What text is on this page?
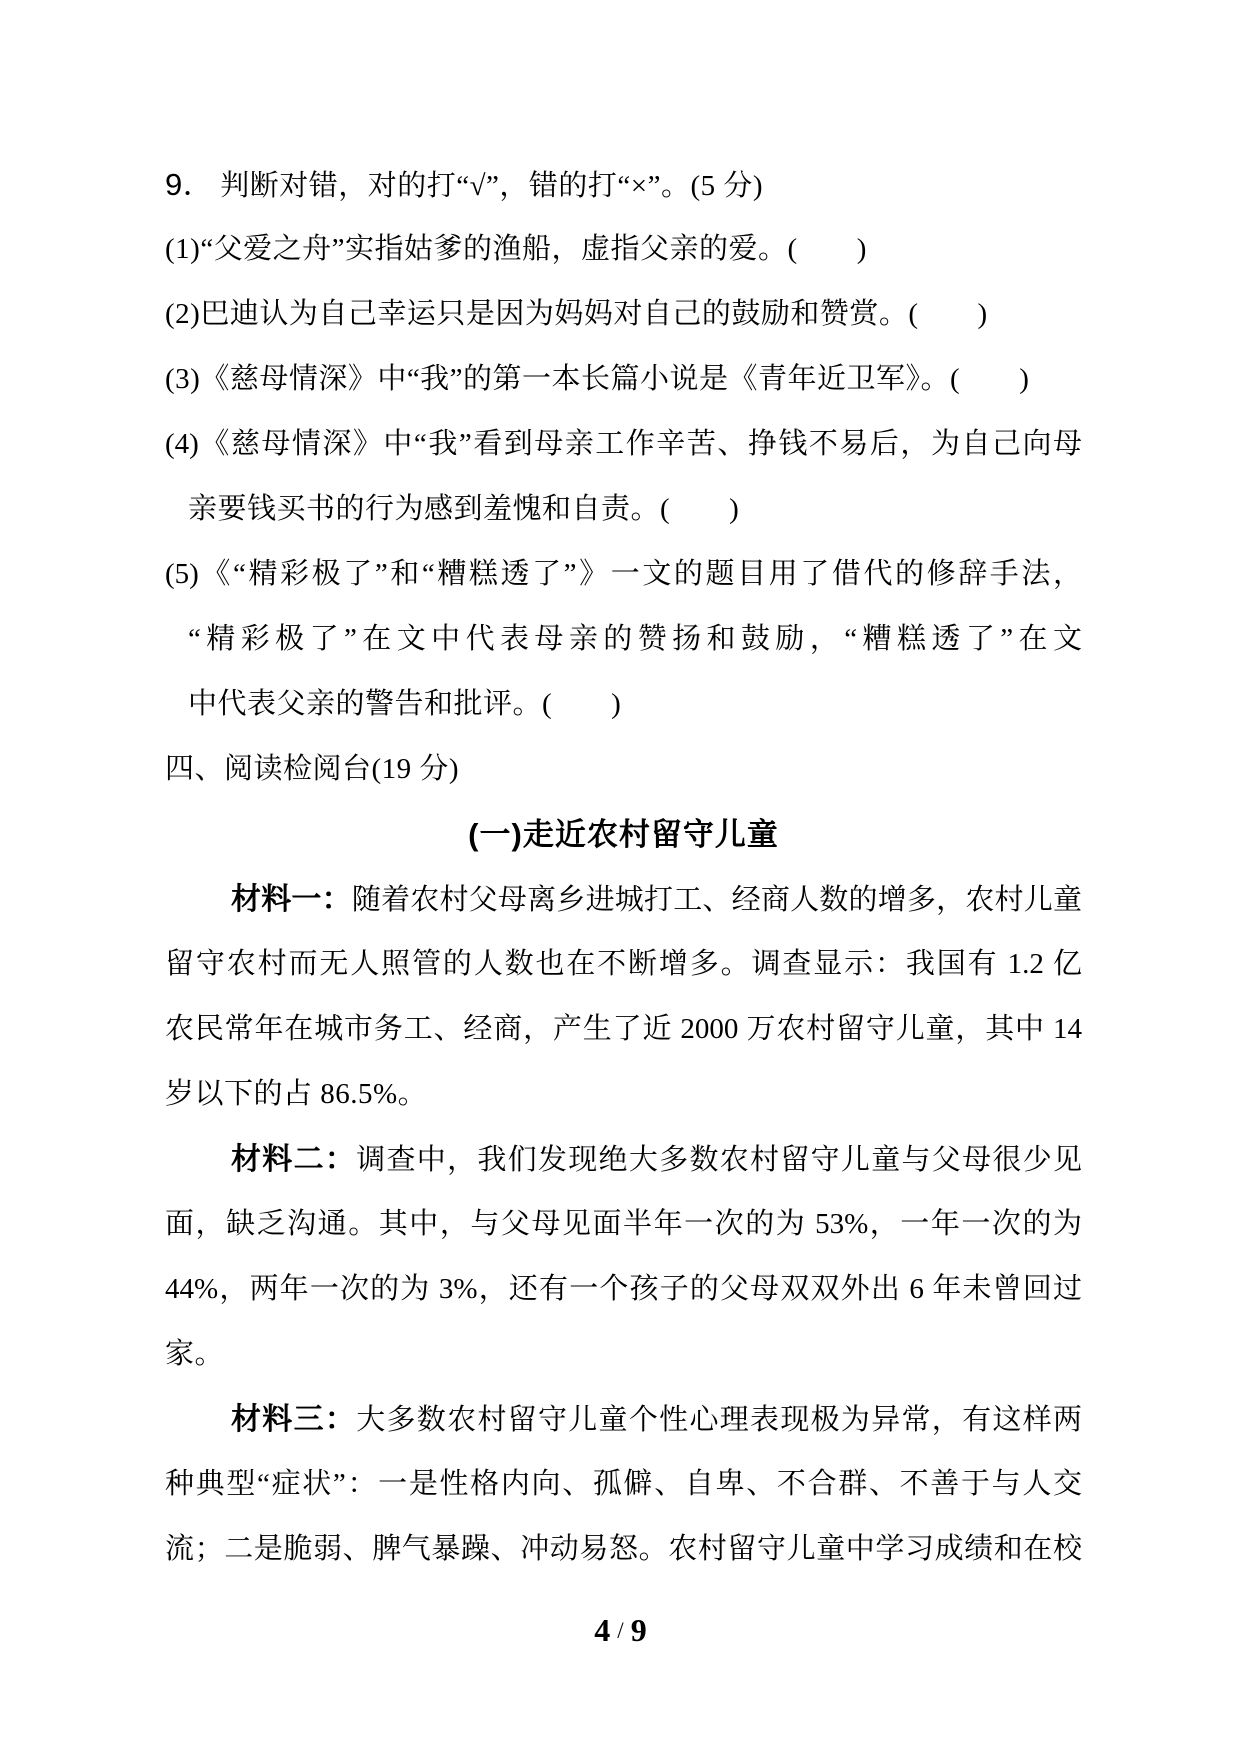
9． 判断对错，对的打“√”，错的打“×”。(5 分)
(1)“父爱之舟”实指姑爹的渔船，虚指父亲的爱。(　　)
(2)巴迪认为自己幸运只是因为妈妈对自己的鼓励和赞赏。(　　)
(3)《慈母情深》中“我”的第一本长篇小说是《青年近卫军》。(　　)
(4)《慈母情深》中“我”看到母亲工作辛苦、挣钱不易后，为自己向母
亲要钱买书的行为感到羞愧和自责。(　　)
(5)《“精彩极了”和“糟糕透了”》一文的题目用了借代的修辞手法，
“精彩极了”在文中代表母亲的赞扬和鼓励，“糟糕透了”在文
中代表父亲的警告和批评。(　　)
四、阅读检阅台(19 分)
(一)走近农村留守儿童
材料一：随着农村父母离乡进城打工、经商人数的增多，农村儿童
留守农村而无人照管的人数也在不断增多。调查显示：我国有 1.2 亿
农民常年在城市务工、经商，产生了近 2000 万农村留守儿童，其中 14
岁以下的占 86.5%。
材料二：调查中，我们发现绝大多数农村留守儿童与父母很少见
面，缺乏沟通。其中，与父母见面半年一次的为 53%，一年一次的为
44%，两年一次的为 3%，还有一个孩子的父母双双外出 6 年未曾回过
家。
材料三：大多数农村留守儿童个性心理表现极为异常，有这样两
种典型“症状”：一是性格内向、孤僻、自卑、不合群、不善于与人交
流；二是脆弱、脾气暴躁、冲动易怒。农村留守儿童中学习成绩和在校
4 / 9
